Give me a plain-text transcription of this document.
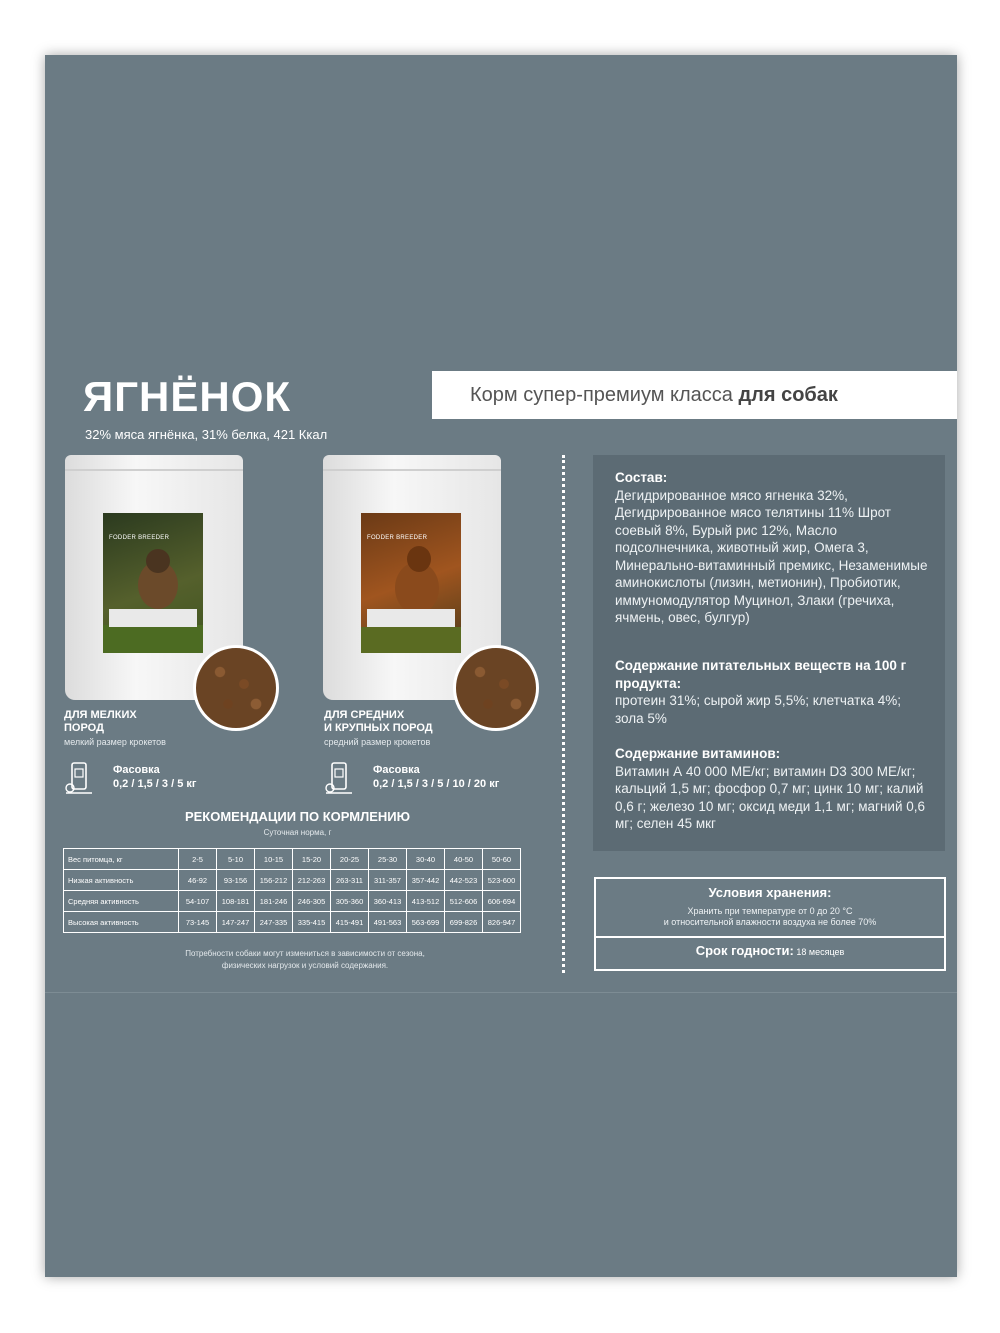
ЯГНЁНОК
32% мяса ягнёнка, 31% белка, 421 Ккал
Корм супер-премиум класса для собак
FODDER BREEDER
ДЛЯ МЕЛКИХ
ПОРОД
мелкий размер крокетов
Фасовка
0,2 / 1,5 / 3 / 5 кг
FODDER BREEDER
ДЛЯ СРЕДНИХ
И КРУПНЫХ ПОРОД
средний размер крокетов
Фасовка
0,2 / 1,5 / 3 / 5 / 10 / 20 кг
РЕКОМЕНДАЦИИ ПО КОРМЛЕНИЮ
Суточная норма, г
Вес питомца, кг	2-5	5-10	10-15	15-20	20-25	25-30	30-40	40-50	50-60
Низкая активность	46-92	93-156	156-212	212-263	263-311	311-357	357-442	442-523	523-600
Средняя активность	54-107	108-181	181-246	246-305	305-360	360-413	413-512	512-606	606-694
Высокая активность	73-145	147-247	247-335	335-415	415-491	491-563	563-699	699-826	826-947
Потребности собаки могут измениться в зависимости от сезона,
физических нагрузок и условий содержания.
Состав:
Дегидрированное мясо ягненка 32%, Дегидрированное мясо телятины 11% Шрот соевый 8%, Бурый рис 12%, Масло подсолнечника, животный жир, Омега 3, Минерально-витаминный премикс, Незаменимые аминокислоты (лизин, метионин), Пробиотик, иммуномодулятор Муцинол, Злаки (гречиха, ячмень, овес, булгур)
Содержание питательных веществ на 100 г продукта:
протеин 31%; сырой жир 5,5%; клетчатка 4%; зола 5%
Содержание витаминов:
Витамин А 40 000 МЕ/кг; витамин D3 300 МЕ/кг; кальций 1,5 мг; фосфор 0,7 мг; цинк 10 мг; калий 0,6 г; железо 10 мг; оксид меди 1,1 мг; магний 0,6 мг; селен 45 мкг
Условия хранения:
Хранить при температуре от 0 до 20 °С
и относительной влажности воздуха не более 70%
Срок годности: 18 месяцев
